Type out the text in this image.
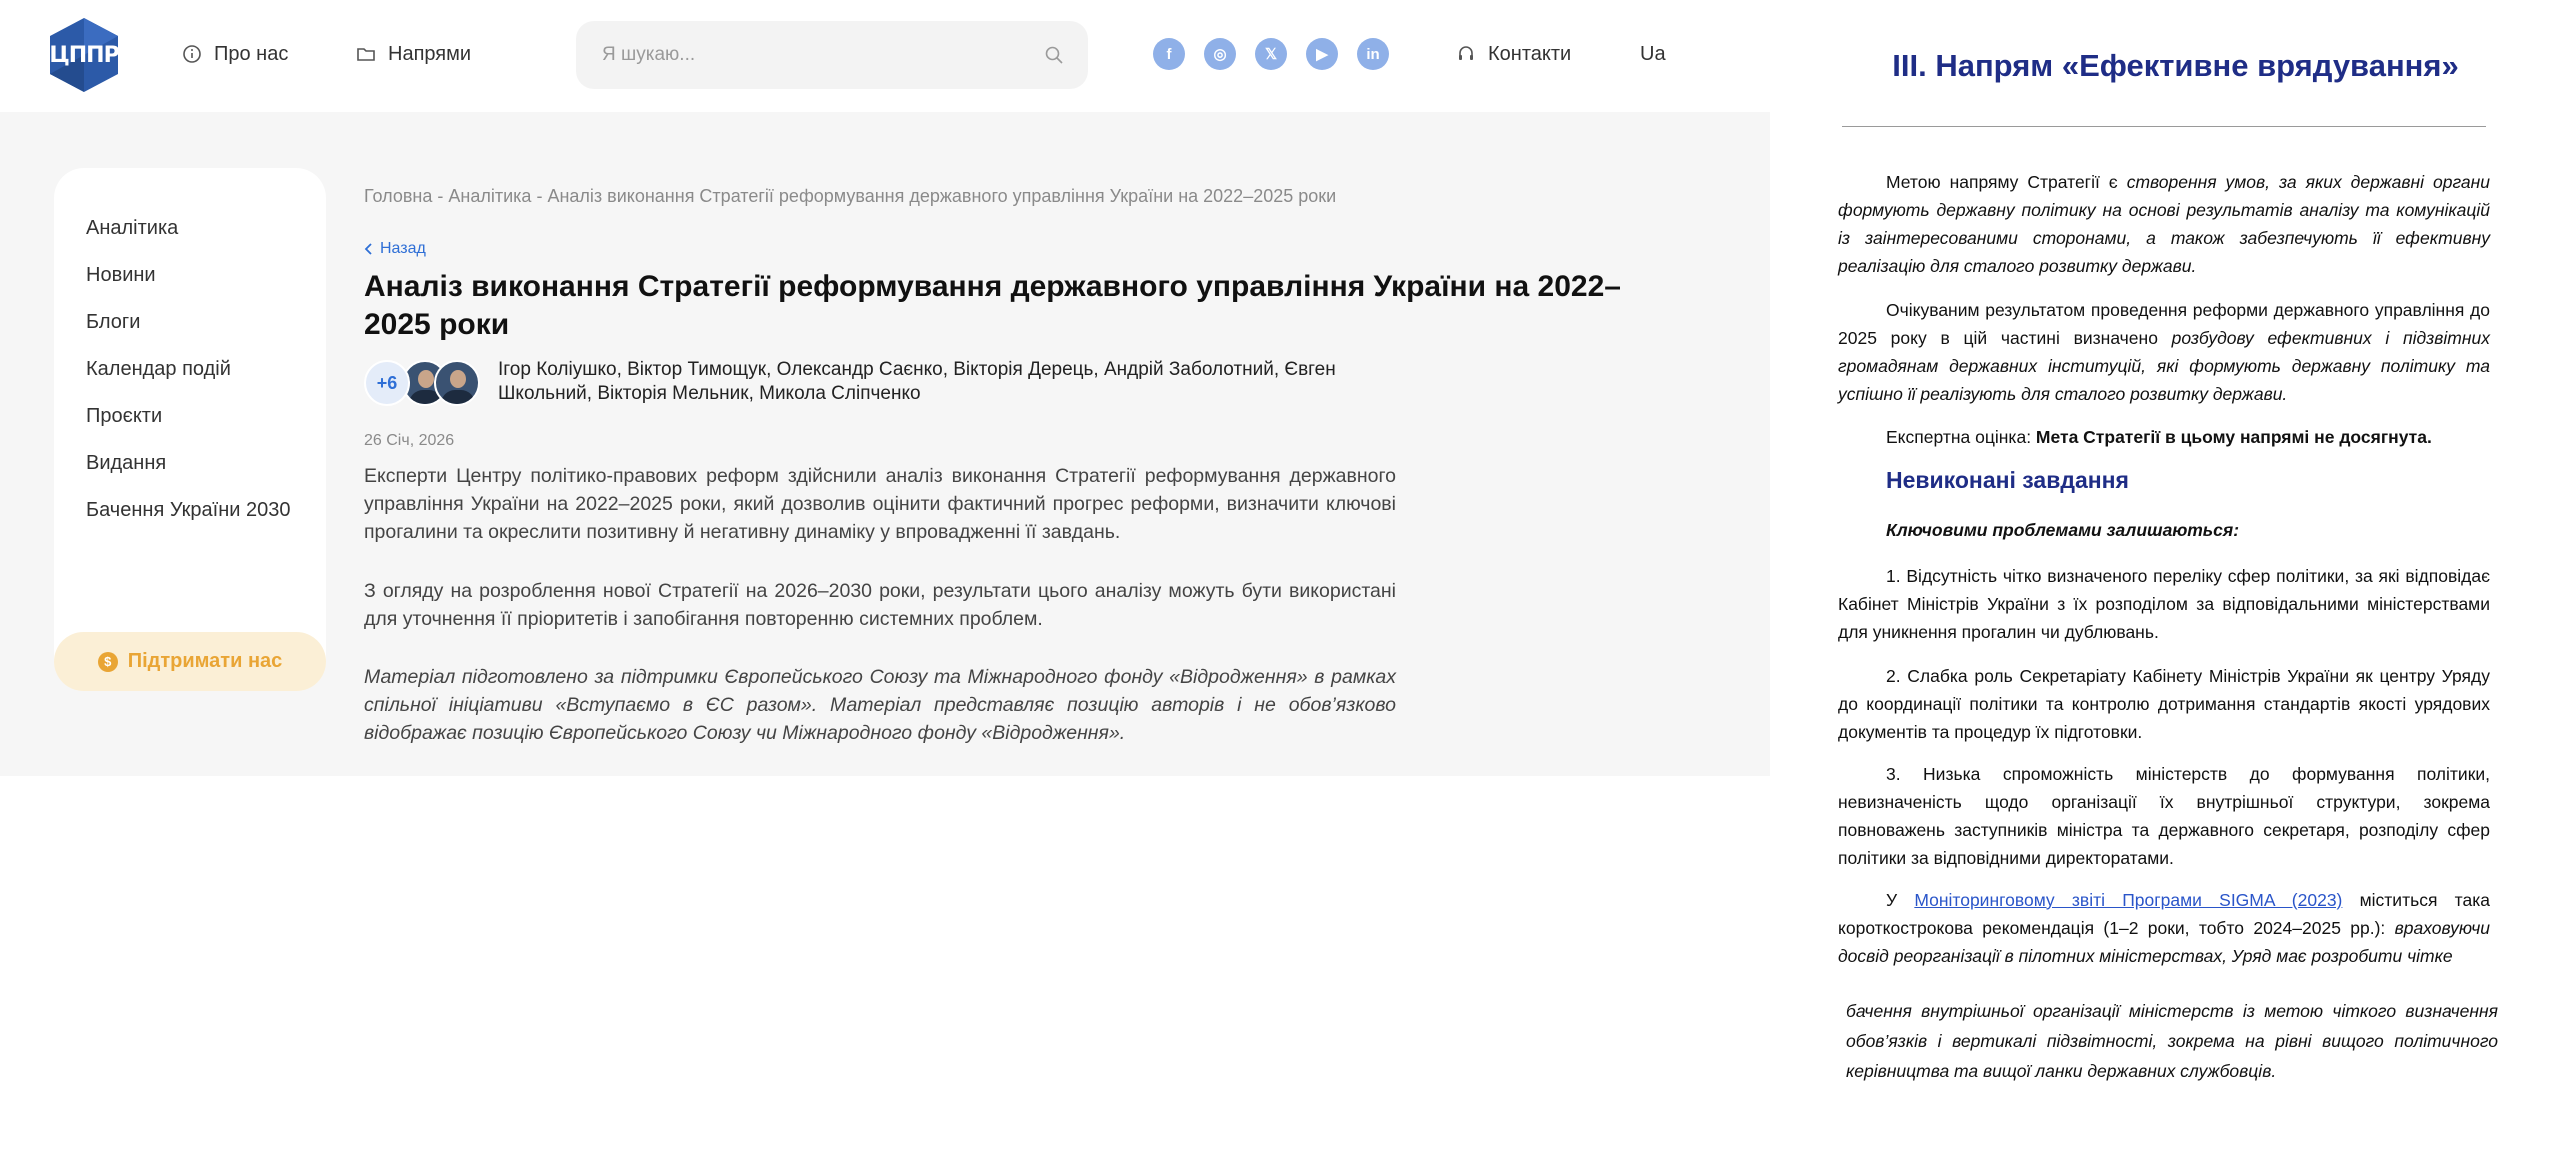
ЦППР	Про нас	Напрями
Я шукаю...	f	◎	𝕏	▶	in	Контакти	Ua
Аналітика
Новини
Блоги
Календар подій
Проєкти
Видання
Бачення України 2030
$ Підтримати нас
Головна - Аналітика - Аналіз виконання Стратегії реформування державного управління України на 2022–2025 роки
Назад
Аналіз виконання Стратегії реформування державного управління України на 2022–2025 роки
+6
Ігор Коліушко, Віктор Тимощук, Олександр Саєнко, Вікторія Дерець, Андрій Заболотний, Євген Школьний, Вікторія Мельник, Микола Сліпченко
26 Січ, 2026

Експерти Центру політико-правових реформ здійснили аналіз виконання Стратегії реформування державного управління України на 2022–2025 роки, який дозволив оцінити фактичний прогрес реформи, визначити ключові прогалини та окреслити позитивну й негативну динаміку у впровадженні її завдань.

З огляду на розроблення нової Стратегії на 2026–2030 роки, результати цього аналізу можуть бути використані для уточнення її пріоритетів і запобігання повторенню системних проблем.

Матеріал підготовлено за підтримки Європейського Союзу та Міжнародного фонду «Відродження» в рамках спільної ініціативи «Вступаємо в ЄС разом». Матеріал представляє позицію авторів і не обов’язково відображає позицію Європейського Союзу чи Міжнародного фонду «Відродження».

ІІІ. Напрям «Ефективне врядування»

Метою напряму Стратегії є створення умов, за яких державні органи формують державну політику на основі результатів аналізу та комунікацій із заінтересованими сторонами, а також забезпечують її ефективну реалізацію для сталого розвитку держави.

Очікуваним результатом проведення реформи державного управління до 2025 року в цій частині визначено розбудову ефективних і підзвітних громадянам державних інституцій, які формують державну політику та успішно її реалізують для сталого розвитку держави.

Експертна оцінка: Мета Стратегії в цьому напрямі не досягнута.

Невиконані завдання
Ключовими проблемами залишаються:

1. Відсутність чітко визначеного переліку сфер політики, за які відповідає Кабінет Міністрів України з їх розподілом за відповідальними міністерствами для уникнення прогалин чи дублювань.

2. Слабка роль Секретаріату Кабінету Міністрів України як центру Уряду до координації політики та контролю дотримання стандартів якості урядових документів та процедур їх підготовки.

3. Низька спроможність міністерств до формування політики, невизначеність щодо організації їх внутрішньої структури, зокрема повноважень заступників міністра та державного секретаря, розподілу сфер політики за відповідними директоратами.

У Моніторинговому звіті Програми SIGMA (2023) міститься така короткострокова рекомендація (1–2 роки, тобто 2024–2025 рр.): враховуючи досвід реорганізації в пілотних міністерствах, Уряд має розробити чітке

бачення внутрішньої організації міністерств із метою чіткого визначення обов’язків і вертикалі підзвітності, зокрема на рівні вищого політичного керівництва та вищої ланки державних службовців.
